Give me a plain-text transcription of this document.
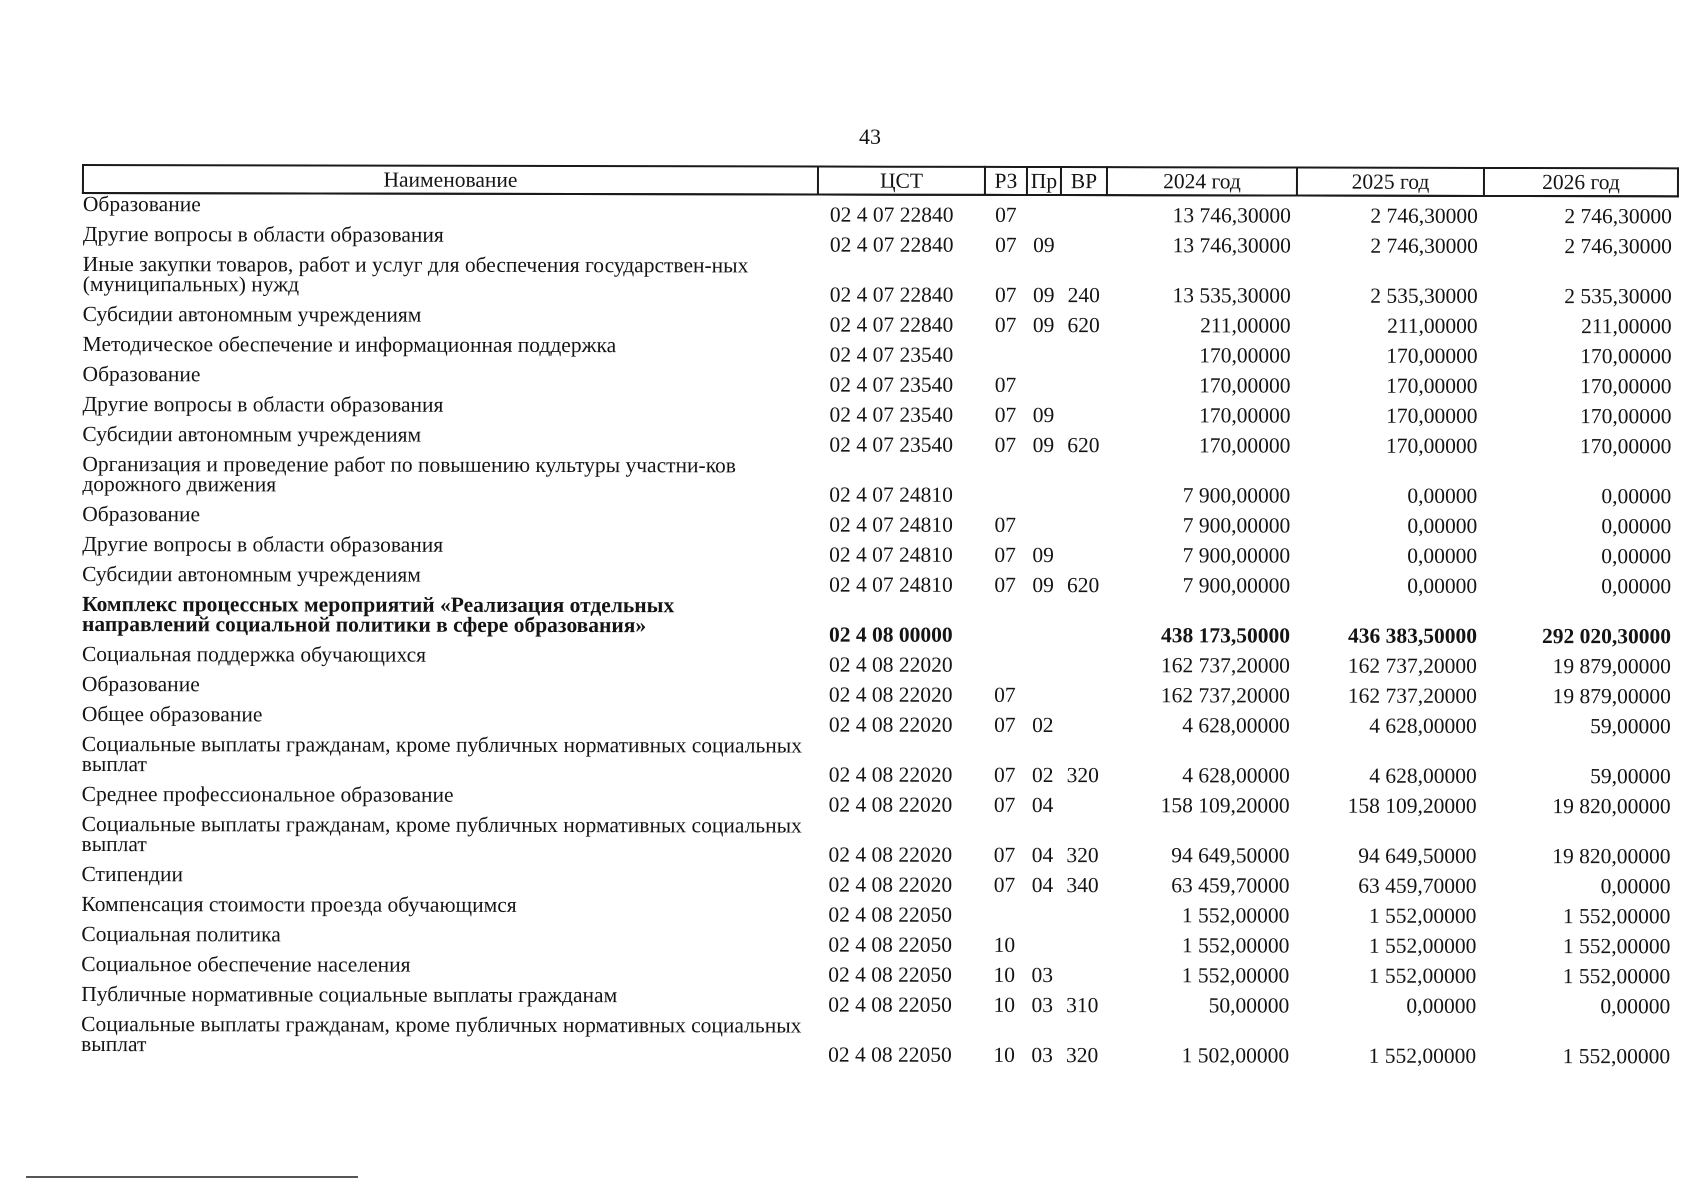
43
Наименование	ЦСТ	РЗ	Пр	ВР	2024 год	2025 год	2026 год
Образование	02 4 07 22840	07			13 746,30000	2 746,30000	2 746,30000
Другие вопросы в области образования	02 4 07 22840	07	09		13 746,30000	2 746,30000	2 746,30000
Иные закупки товаров, работ и услуг для обеспечения государствен-ных (муниципальных) нужд	02 4 07 22840	07	09	240	13 535,30000	2 535,30000	2 535,30000
Субсидии автономным учреждениям	02 4 07 22840	07	09	620	211,00000	211,00000	211,00000
Методическое обеспечение и информационная поддержка	02 4 07 23540				170,00000	170,00000	170,00000
Образование	02 4 07 23540	07			170,00000	170,00000	170,00000
Другие вопросы в области образования	02 4 07 23540	07	09		170,00000	170,00000	170,00000
Субсидии автономным учреждениям	02 4 07 23540	07	09	620	170,00000	170,00000	170,00000
Организация и проведение работ по повышению культуры участни-ков дорожного движения	02 4 07 24810				7 900,00000	0,00000	0,00000
Образование	02 4 07 24810	07			7 900,00000	0,00000	0,00000
Другие вопросы в области образования	02 4 07 24810	07	09		7 900,00000	0,00000	0,00000
Субсидии автономным учреждениям	02 4 07 24810	07	09	620	7 900,00000	0,00000	0,00000
Комплекс процессных мероприятий «Реализация отдельных направлений социальной политики в сфере образования»	02 4 08 00000				438 173,50000	436 383,50000	292 020,30000
Социальная поддержка обучающихся	02 4 08 22020				162 737,20000	162 737,20000	19 879,00000
Образование	02 4 08 22020	07			162 737,20000	162 737,20000	19 879,00000
Общее образование	02 4 08 22020	07	02		4 628,00000	4 628,00000	59,00000
Социальные выплаты гражданам, кроме публичных нормативных социальных выплат	02 4 08 22020	07	02	320	4 628,00000	4 628,00000	59,00000
Среднее профессиональное образование	02 4 08 22020	07	04		158 109,20000	158 109,20000	19 820,00000
Социальные выплаты гражданам, кроме публичных нормативных социальных выплат	02 4 08 22020	07	04	320	94 649,50000	94 649,50000	19 820,00000
Стипендии	02 4 08 22020	07	04	340	63 459,70000	63 459,70000	0,00000
Компенсация стоимости проезда обучающимся	02 4 08 22050				1 552,00000	1 552,00000	1 552,00000
Социальная политика	02 4 08 22050	10			1 552,00000	1 552,00000	1 552,00000
Социальное обеспечение населения	02 4 08 22050	10	03		1 552,00000	1 552,00000	1 552,00000
Публичные нормативные социальные выплаты гражданам	02 4 08 22050	10	03	310	50,00000	0,00000	0,00000
Социальные выплаты гражданам, кроме публичных нормативных социальных выплат	02 4 08 22050	10	03	320	1 502,00000	1 552,00000	1 552,00000
